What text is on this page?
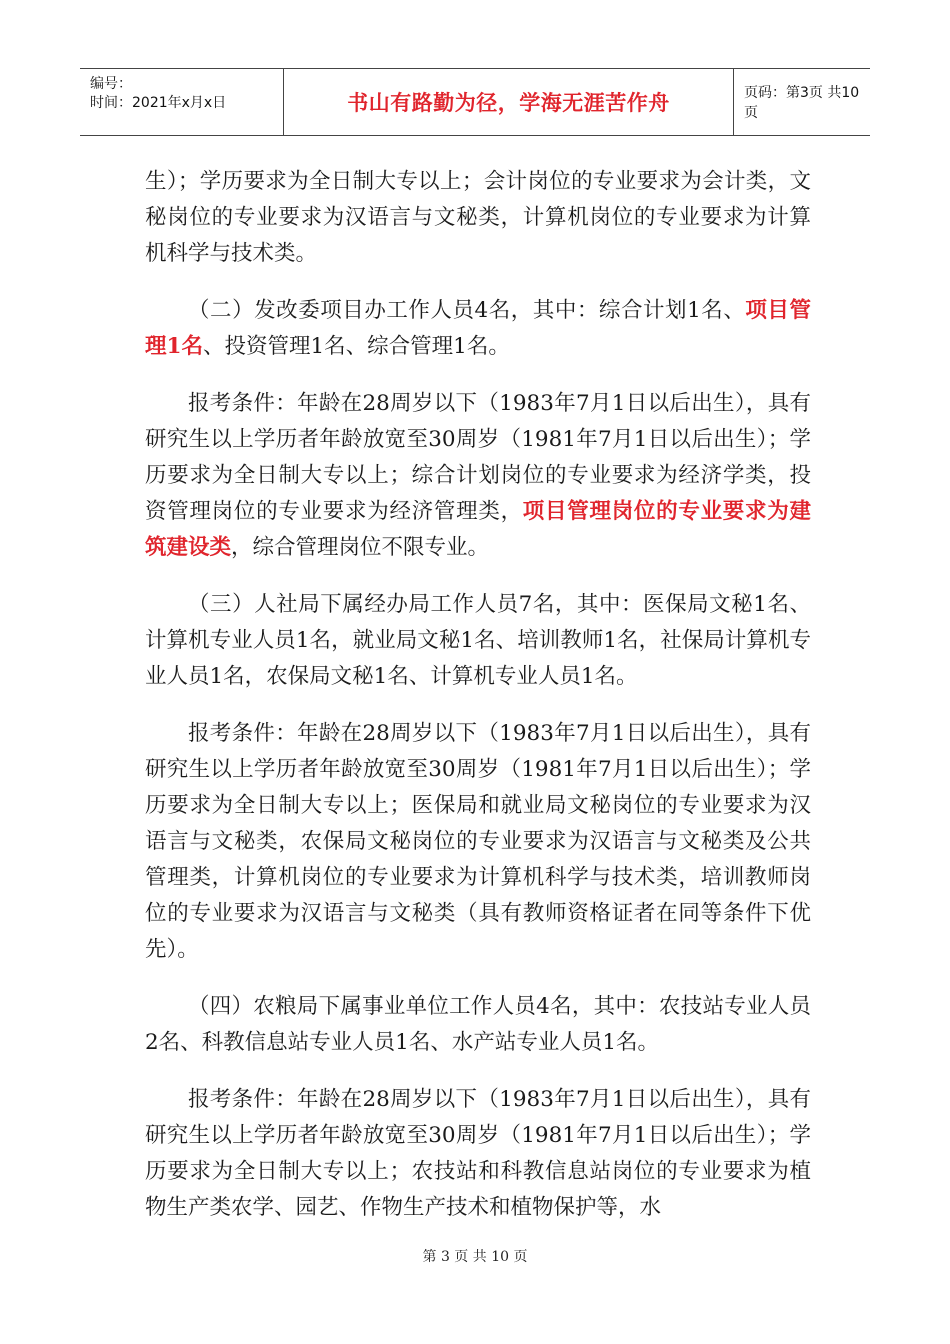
编号：
时间：2021年x月x日	书山有路勤为径，学海无涯苦作舟	页码：第3页 共10页

生）；学历要求为全日制大专以上；会计岗位的专业要求为会计类，文秘岗位的专业要求为汉语言与文秘类，计算机岗位的专业要求为计算机科学与技术类。

（二）发改委项目办工作人员4名，其中：综合计划1名、项目管理1名、投资管理1名、综合管理1名。

报考条件：年龄在28周岁以下（1983年7月1日以后出生），具有研究生以上学历者年龄放宽至30周岁（1981年7月1日以后出生）；学历要求为全日制大专以上；综合计划岗位的专业要求为经济学类，投资管理岗位的专业要求为经济管理类，项目管理岗位的专业要求为建筑建设类，综合管理岗位不限专业。

（三）人社局下属经办局工作人员7名，其中：医保局文秘1名、计算机专业人员1名，就业局文秘1名、培训教师1名，社保局计算机专业人员1名，农保局文秘1名、计算机专业人员1名。

报考条件：年龄在28周岁以下（1983年7月1日以后出生），具有研究生以上学历者年龄放宽至30周岁（1981年7月1日以后出生）；学历要求为全日制大专以上；医保局和就业局文秘岗位的专业要求为汉语言与文秘类，农保局文秘岗位的专业要求为汉语言与文秘类及公共管理类，计算机岗位的专业要求为计算机科学与技术类，培训教师岗位的专业要求为汉语言与文秘类（具有教师资格证者在同等条件下优先）。

（四）农粮局下属事业单位工作人员4名，其中：农技站专业人员2名、科教信息站专业人员1名、水产站专业人员1名。

报考条件：年龄在28周岁以下（1983年7月1日以后出生），具有研究生以上学历者年龄放宽至30周岁（1981年7月1日以后出生）；学历要求为全日制大专以上；农技站和科教信息站岗位的专业要求为植物生产类农学、园艺、作物生产技术和植物保护等，水

第 3 页 共 10 页
